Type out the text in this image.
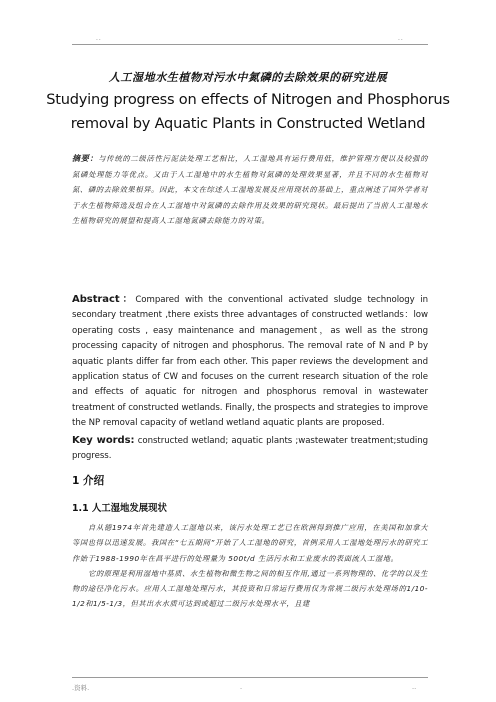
..	..
人工湿地水生植物对污水中氮磷的去除效果的研究进展
Studying progress on effects of Nitrogen and Phosphorus
removal by Aquatic Plants in Constructed Wetland
摘要：与传统的二级活性污泥法处理工艺相比，人工湿地具有运行费用低，维护管理方便以及较强的氮磷处理能力等优点。又由于人工湿地中的水生植物对氮磷的处理效果显著，并且不同的水生植物对氮、磷的去除效果相异。因此，本文在综述人工湿地发展及应用现状的基础上，重点阐述了国外学者对于水生植物筛选及组合在人工湿地中对氮磷的去除作用及效果的研究现状。最后提出了当前人工湿地水生植物研究的展望和提高人工湿地氮磷去除能力的对策。
Abstract：Compared with the conventional activated sludge technology in secondary treatment ,there exists three advantages of constructed wetlands：low operating costs , easy maintenance and management，as well as the strong processing capacity of nitrogen and phosphorus. The removal rate of N and P by aquatic plants differ far from each other. This paper reviews the development and application status of CW and focuses on the current research situation of the role and effects of aquatic for nitrogen and phosphorus removal in wastewater treatment of constructed wetlands. Finally, the prospects and strategies to improve the NP removal capacity of wetland wetland aquatic plants are proposed.
Key words: constructed wetland; aquatic plants ;wastewater treatment;studing progress.
1 介绍
1.1 人工湿地发展现状

自从德1974年首先建造人工湿地以来，该污水处理工艺已在欧洲得到推广应用，在美国和加拿大等国也得以迅速发展。我国在“七五期间”开始了人工湿地的研究，首例采用人工湿地处理污水的研究工作始于1988-1990年在昌平进行的处理量为 500t/d 生活污水和工业废水的表面流人工湿地。

它的原理是利用湿地中基质、水生植物和微生物之间的相互作用,通过一系列物理的、化学的以及生物的途径净化污水。应用人工湿地处理污水，其投资和日常运行费用仅为常规二级污水处理场的1/10-1/2和1/5-1/3，但其出水水质可达到或超过二级污水处理水平，且建

.资料.	.	..
